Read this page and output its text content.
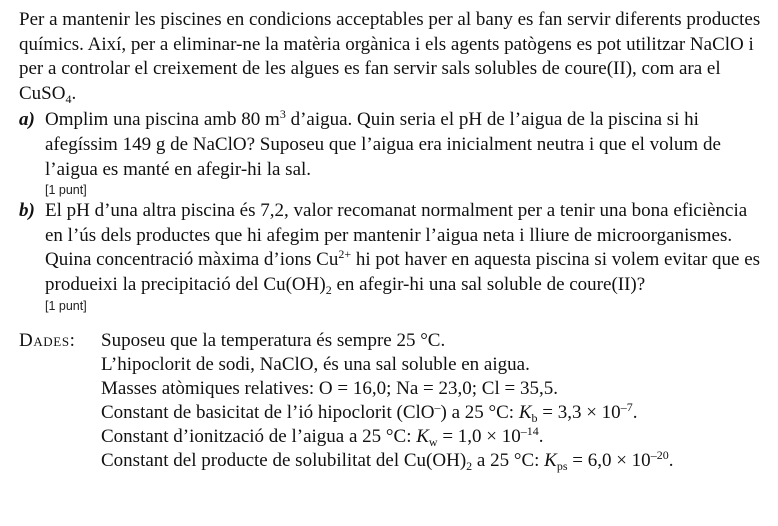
Per a mantenir les piscines en condicions acceptables per al bany es fan servir diferents productes químics. Així, per a eliminar-ne la matèria orgànica i els agents patògens es pot utilitzar NaClO i per a controlar el creixement de les algues es fan servir sals solubles de coure(II), com ara el CuSO$_4$.

a) Omplim una piscina amb 80 $m^3$ d’aigua. Quin seria el pH de l’aigua de la piscina si hi afegíssim 149 g de NaClO? Suposeu que l’aigua era inicialment neutra i que el volum de l’aigua es manté en afegir-hi la sal.

[1 punt]

b) El pH d’una altra piscina és 7,2, valor recomanat normalment per a tenir una bona eficiència en l’ús dels productes que hi afegim per mantenir l’aigua neta i lliure de microorganismes. Quina concentració màxima d’ions $Cu^{2+}$ hi pot haver en aquesta piscina si volem evitar que es produeixi la precipitació del $Cu(OH)_2$ en afegir-hi una sal soluble de coure(II)?

[1 punt]

Dades:	Suposeu que la temperatura és sempre 25 °C.
L’hipoclorit de sodi, NaClO, és una sal soluble en aigua.
Masses atòmiques relatives: O = 16,0; Na = 23,0; Cl = 35,5.
Constant de basicitat de l’ió hipoclorit (ClO–) a 25 °C: $K_b = 3,3 \times 10^{-7}$.
Constant d’ionització de l’aigua a 25 °C: $K_w = 1,0 \times 10^{-14}$.
Constant del producte de solubilitat del $Cu(OH)_2$ a 25 °C: $K_{ps} = 6,0 \times 10^{-20}$.
